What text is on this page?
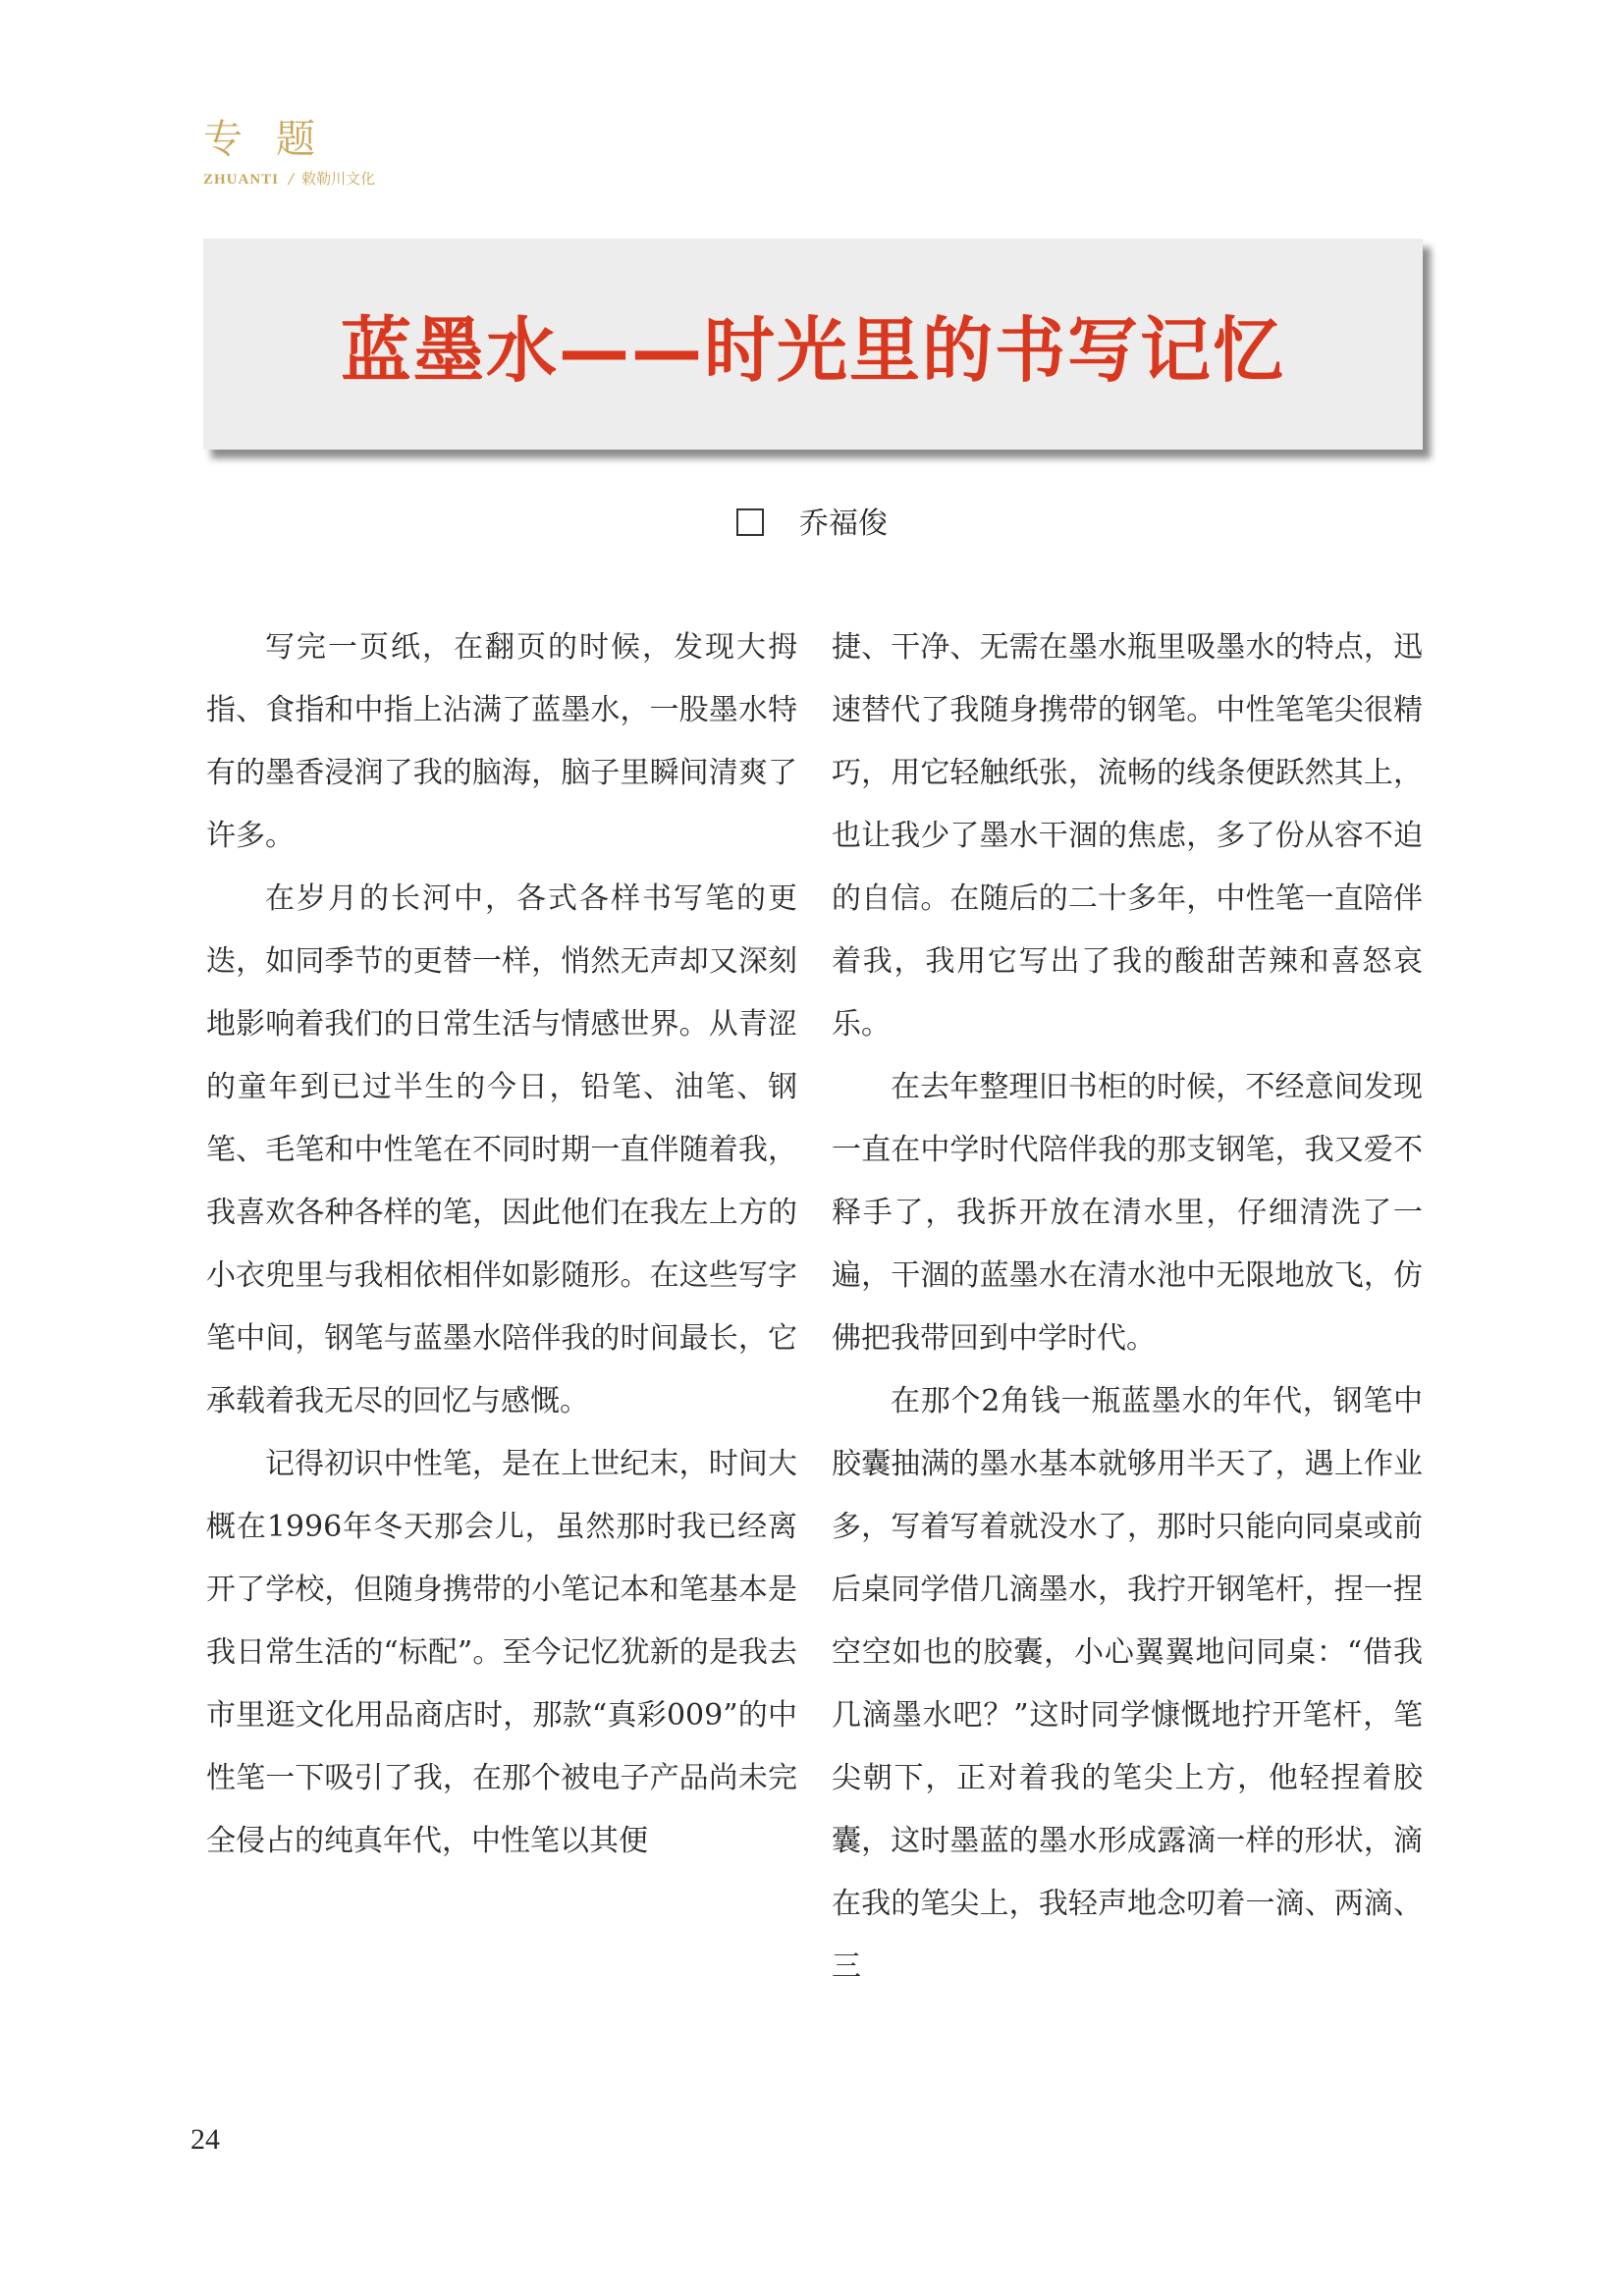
专题
ZHUANTI / 敕勒川文化
蓝墨水——时光里的书写记忆
乔福俊

写完一页纸，在翻页的时候，发现大拇指、食指和中指上沾满了蓝墨水，一股墨水特有的墨香浸润了我的脑海，脑子里瞬间清爽了许多。

在岁月的长河中，各式各样书写笔的更迭，如同季节的更替一样，悄然无声却又深刻地影响着我们的日常生活与情感世界。从青涩的童年到已过半生的今日，铅笔、油笔、钢笔、毛笔和中性笔在不同时期一直伴随着我，我喜欢各种各样的笔，因此他们在我左上方的小衣兜里与我相依相伴如影随形。在这些写字笔中间，钢笔与蓝墨水陪伴我的时间最长，它承载着我无尽的回忆与感慨。

记得初识中性笔，是在上世纪末，时间大概在1996年冬天那会儿，虽然那时我已经离开了学校，但随身携带的小笔记本和笔基本是我日常生活的“标配”。至今记忆犹新的是我去市里逛文化用品商店时，那款“真彩009”的中性笔一下吸引了我，在那个被电子产品尚未完全侵占的纯真年代，中性笔以其便

捷、干净、无需在墨水瓶里吸墨水的特点，迅速替代了我随身携带的钢笔。中性笔笔尖很精巧，用它轻触纸张，流畅的线条便跃然其上，也让我少了墨水干涸的焦虑，多了份从容不迫的自信。在随后的二十多年，中性笔一直陪伴着我，我用它写出了我的酸甜苦辣和喜怒哀乐。

在去年整理旧书柜的时候，不经意间发现一直在中学时代陪伴我的那支钢笔，我又爱不释手了，我拆开放在清水里，仔细清洗了一遍，干涸的蓝墨水在清水池中无限地放飞，仿佛把我带回到中学时代。

在那个2角钱一瓶蓝墨水的年代，钢笔中胶囊抽满的墨水基本就够用半天了，遇上作业多，写着写着就没水了，那时只能向同桌或前后桌同学借几滴墨水，我拧开钢笔杆，捏一捏空空如也的胶囊，小心翼翼地问同桌：“借我几滴墨水吧？”这时同学慷慨地拧开笔杆，笔尖朝下，正对着我的笔尖上方，他轻捏着胶囊，这时墨蓝的墨水形成露滴一样的形状，滴在我的笔尖上，我轻声地念叨着一滴、两滴、三

24
